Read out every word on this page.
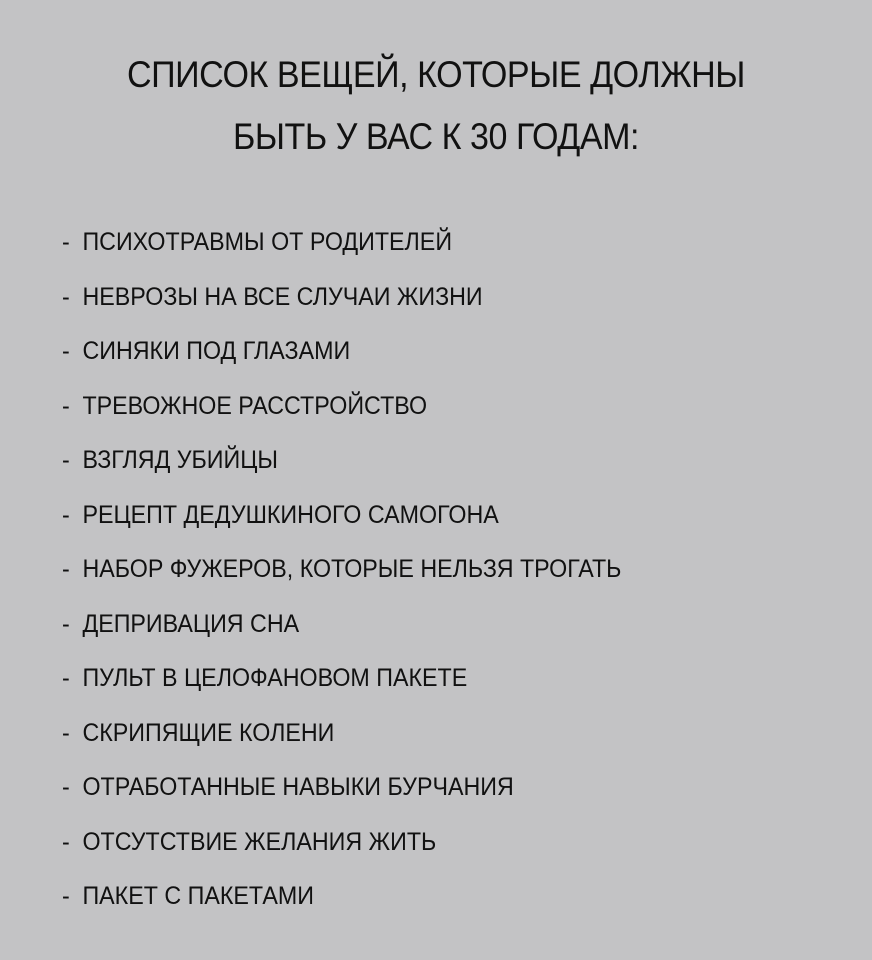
СПИСОК ВЕЩЕЙ, КОТОРЫЕ ДОЛЖНЫ
БЫТЬ У ВАС К 30 ГОДАМ:
- ПСИХОТРАВМЫ ОТ РОДИТЕЛЕЙ
- НЕВРОЗЫ НА ВСЕ СЛУЧАИ ЖИЗНИ
- СИНЯКИ ПОД ГЛАЗАМИ
- ТРЕВОЖНОЕ РАССТРОЙСТВО
- ВЗГЛЯД УБИЙЦЫ
- РЕЦЕПТ ДЕДУШКИНОГО САМОГОНА
- НАБОР ФУЖЕРОВ, КОТОРЫЕ НЕЛЬЗЯ ТРОГАТЬ
- ДЕПРИВАЦИЯ СНА
- ПУЛЬТ В ЦЕЛОФАНОВОМ ПАКЕТЕ
- СКРИПЯЩИЕ КОЛЕНИ
- ОТРАБОТАННЫЕ НАВЫКИ БУРЧАНИЯ
- ОТСУТСТВИЕ ЖЕЛАНИЯ ЖИТЬ
- ПАКЕТ С ПАКЕТАМИ
